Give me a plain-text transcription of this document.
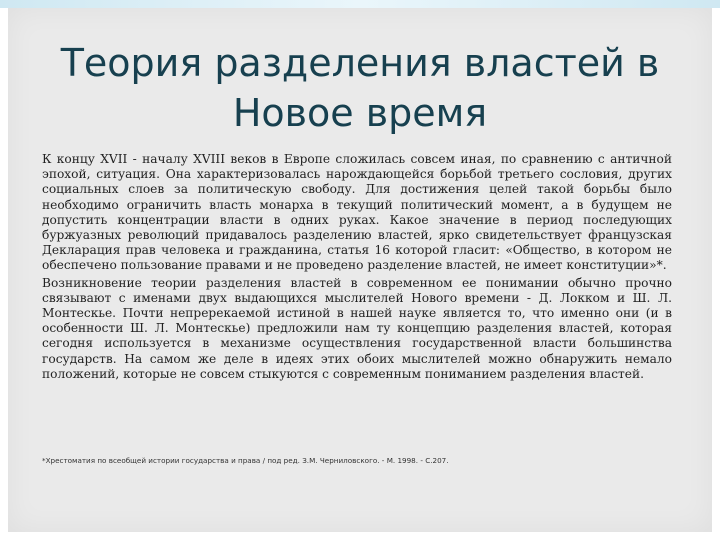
Теория разделения властей в
Новое время

К концу XVII - началу XVIII веков в Европе сложилась совсем иная, по сравнению с античной эпохой, ситуация. Она характеризовалась нарождающейся борьбой третьего сословия, других социальных слоев за политическую свободу. Для достижения целей такой борьбы было необходимо ограничить власть монарха в текущий политический момент, а в будущем не допустить концентрации власти в одних руках. Какое значение в период последующих буржуазных революций придавалось разделению властей, ярко свидетельствует французская Декларация прав человека и гражданина, статья 16 которой гласит: «Общество, в котором не обеспечено пользование правами и не проведено разделение властей, не имеет конституции»*.

Возникновение теории разделения властей в современном ее понимании обычно прочно связывают с именами двух выдающихся мыслителей Нового времени - Д. Локком и Ш. Л. Монтескье. Почти непререкаемой истиной в нашей науке является то, что именно они (и в особенности Ш. Л. Монтескье) предложили нам ту концепцию разделения властей, которая сегодня используется в механизме осуществления государственной власти большинства государств. На самом же деле в идеях этих обоих мыслителей можно обнаружить немало положений, которые не совсем стыкуются с современным пониманием разделения властей.

*Хрестоматия по всеобщей истории государства и права / под ред. З.М. Черниловского. - М. 1998. - С.207.
